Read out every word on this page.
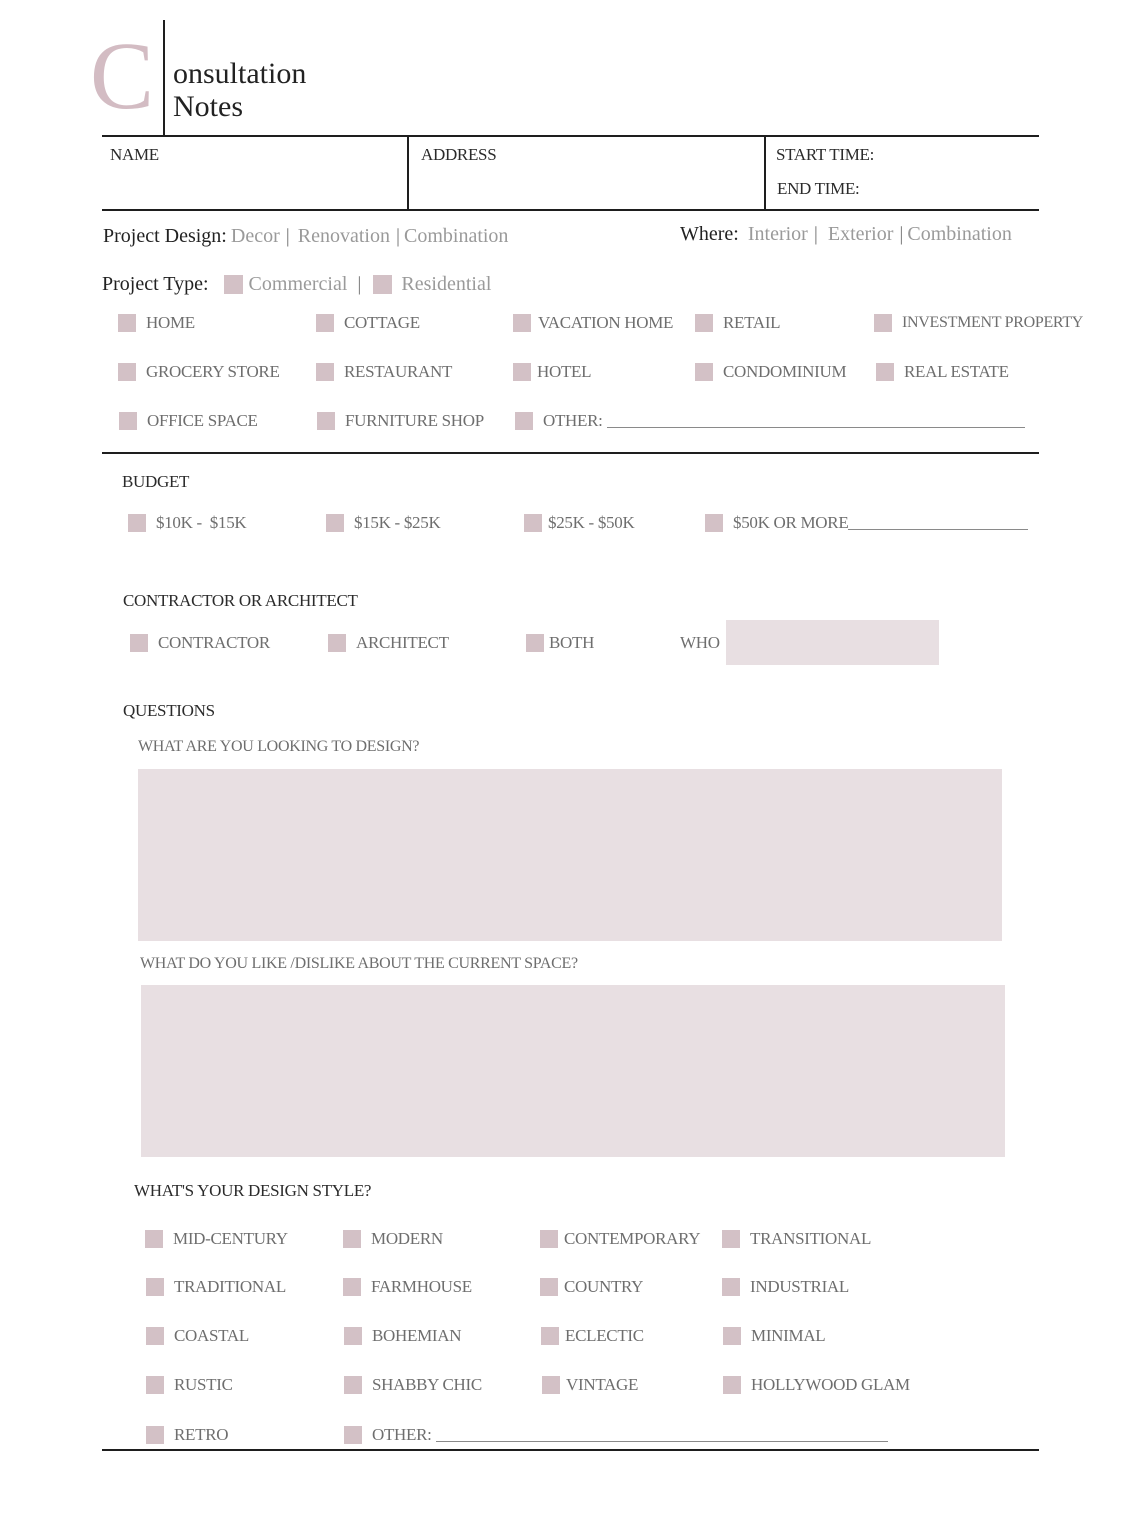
C onsultation
Notes
NAME	ADDRESS	START TIME:
END TIME:
Project Design: Decor | Renovation | Combination	Where: Interior | Exterior | Combination
Project Type: Commercial | Residential
HOME	COTTAGE	VACATION HOME	RETAIL	INVESTMENT PROPERTY
GROCERY STORE	RESTAURANT	HOTEL	CONDOMINIUM	REAL ESTATE
OFFICE SPACE	FURNITURE SHOP	OTHER:
BUDGET
$10K -  $15K	$15K - $25K	$25K - $50K	$50K OR MORE
CONTRACTOR OR ARCHITECT
CONTRACTOR	ARCHITECT	BOTH	WHO
QUESTIONS
WHAT ARE YOU LOOKING TO DESIGN?
WHAT DO YOU LIKE /DISLIKE ABOUT THE CURRENT SPACE?
WHAT'S YOUR DESIGN STYLE?
MID-CENTURY	MODERN	CONTEMPORARY	TRANSITIONAL
TRADITIONAL	FARMHOUSE	COUNTRY	INDUSTRIAL
COASTAL	BOHEMIAN	ECLECTIC	MINIMAL
RUSTIC	SHABBY CHIC	VINTAGE	HOLLYWOOD GLAM
RETRO	OTHER:
